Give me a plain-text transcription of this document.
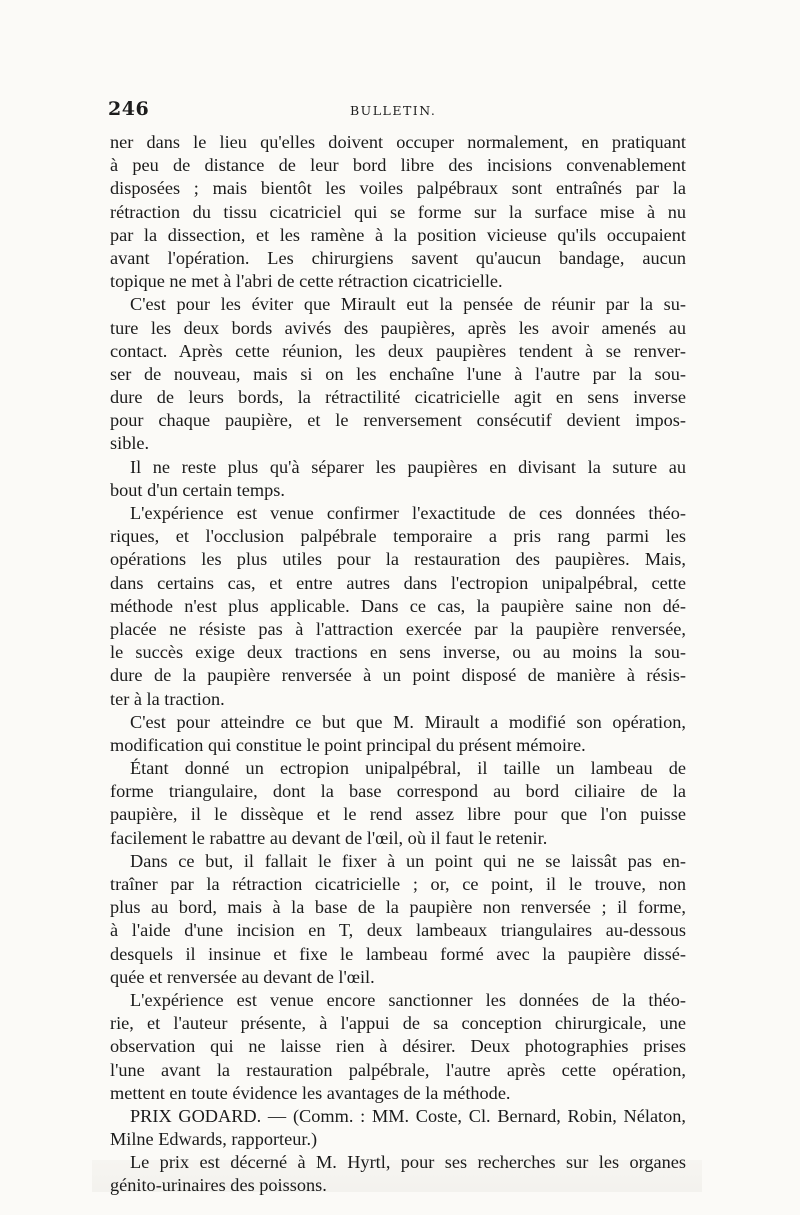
246	BULLETIN.
ner dans le lieu qu'elles doivent occuper normalement, en pratiquant
à peu de distance de leur bord libre des incisions convenablement
disposées ; mais bientôt les voiles palpébraux sont entraînés par la
rétraction du tissu cicatriciel qui se forme sur la surface mise à nu
par la dissection, et les ramène à la position vicieuse qu'ils occupaient
avant l'opération. Les chirurgiens savent qu'aucun bandage, aucun
topique ne met à l'abri de cette rétraction cicatricielle.
C'est pour les éviter que Mirault eut la pensée de réunir par la su-
ture les deux bords avivés des paupières, après les avoir amenés au
contact. Après cette réunion, les deux paupières tendent à se renver-
ser de nouveau, mais si on les enchaîne l'une à l'autre par la sou-
dure de leurs bords, la rétractilité cicatricielle agit en sens inverse
pour chaque paupière, et le renversement consécutif devient impos-
sible.
Il ne reste plus qu'à séparer les paupières en divisant la suture au
bout d'un certain temps.
L'expérience est venue confirmer l'exactitude de ces données théo-
riques, et l'occlusion palpébrale temporaire a pris rang parmi les
opérations les plus utiles pour la restauration des paupières. Mais,
dans certains cas, et entre autres dans l'ectropion unipalpébral, cette
méthode n'est plus applicable. Dans ce cas, la paupière saine non dé-
placée ne résiste pas à l'attraction exercée par la paupière renversée,
le succès exige deux tractions en sens inverse, ou au moins la sou-
dure de la paupière renversée à un point disposé de manière à résis-
ter à la traction.
C'est pour atteindre ce but que M. Mirault a modifié son opération,
modification qui constitue le point principal du présent mémoire.
Étant donné un ectropion unipalpébral, il taille un lambeau de
forme triangulaire, dont la base correspond au bord ciliaire de la
paupière, il le dissèque et le rend assez libre pour que l'on puisse
facilement le rabattre au devant de l'œil, où il faut le retenir.
Dans ce but, il fallait le fixer à un point qui ne se laissât pas en-
traîner par la rétraction cicatricielle ; or, ce point, il le trouve, non
plus au bord, mais à la base de la paupière non renversée ; il forme,
à l'aide d'une incision en T, deux lambeaux triangulaires au-dessous
desquels il insinue et fixe le lambeau formé avec la paupière dissé-
quée et renversée au devant de l'œil.
L'expérience est venue encore sanctionner les données de la théo-
rie, et l'auteur présente, à l'appui de sa conception chirurgicale, une
observation qui ne laisse rien à désirer. Deux photographies prises
l'une avant la restauration palpébrale, l'autre après cette opération,
mettent en toute évidence les avantages de la méthode.
PRIX GODARD. — (Comm. : MM. Coste, Cl. Bernard, Robin, Nélaton,
Milne Edwards, rapporteur.)
Le prix est décerné à M. Hyrtl, pour ses recherches sur les organes
génito-urinaires des poissons.
